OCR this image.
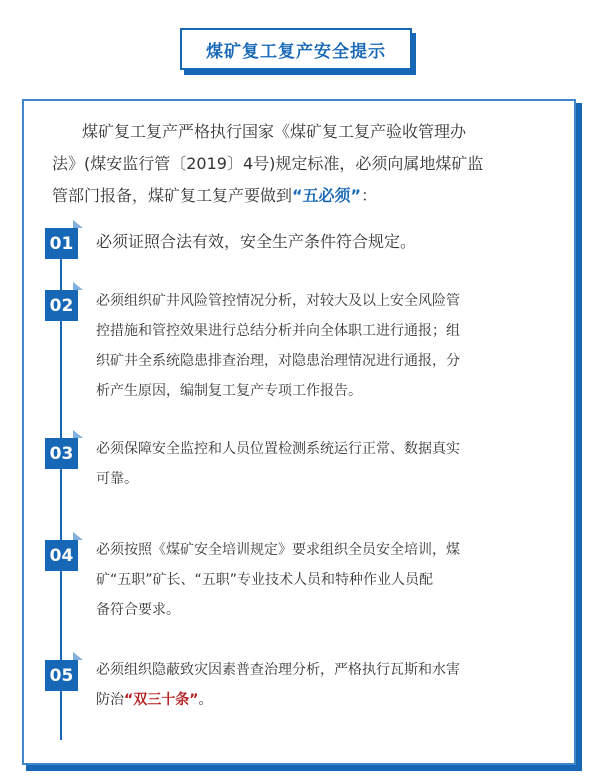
煤矿复工复产安全提示
煤矿复工复产严格执行国家《煤矿复工复产验收管理办
法》(煤安监行管〔2019〕4号)规定标准，必须向属地煤矿监
管部门报备，煤矿复工复产要做到“五必须”：
01 必须证照合法有效，安全生产条件符合规定。
02	必须组织矿井风险管控情况分析，对较大及以上安全风险管
控措施和管控效果进行总结分析并向全体职工进行通报；组
织矿井全系统隐患排查治理，对隐患治理情况进行通报，分
析产生原因，编制复工复产专项工作报告。
03	必须保障安全监控和人员位置检测系统运行正常、数据真实
可靠。
04	必须按照《煤矿安全培训规定》要求组织全员安全培训，煤
矿“五职”矿长、“五职”专业技术人员和特种作业人员配
备符合要求。
05	必须组织隐蔽致灾因素普查治理分析，严格执行瓦斯和水害
防治“双三十条”。
